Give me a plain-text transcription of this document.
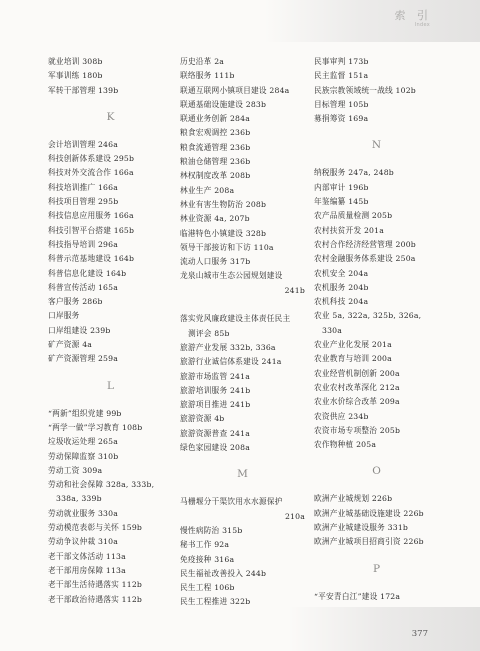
索 引
Index
就业培训 308b
军事训练 180b
军转干部管理 139b
K
会计培训管理 246a
科技创新体系建设 295b
科技对外交流合作 166a
科技培训推广 166a
科技项目管理 295b
科技信息应用服务 166a
科技引智平台搭建 165b
科技指导培训 296a
科普示范基地建设 164b
科普信息化建设 164b
科普宣传活动 165a
客户服务 286b
口岸服务
口岸组建设 239b
矿产资源 4a
矿产资源管理 259a
L
“两新”组织党建 99b
“两学一做”学习教育 108b
垃圾收运处理 265a
劳动保障监察 310b
劳动工资 309a
劳动和社会保障 328a, 333b,
338a, 339b
劳动就业服务 330a
劳动模范表彰与关怀 159b
劳动争议仲裁 310a
老干部文体活动 113a
老干部用房保障 113a
老干部生活待遇落实 112b
老干部政治待遇落实 112b
历史沿革 2a
联络服务 111b
联通互联网小镇项目建设 284a
联通基础设施建设 283b
联通业务创新 284a
粮食宏观调控 236b
粮食流通管理 236b
粮油仓储管理 236b
林权制度改革 208b
林业生产 208a
林业有害生物防治 208b
林业资源 4a, 207b
临港特色小镇建设 328b
领导干部接访和下访 110a
流动人口服务 317b
龙泉山城市生态公园规划建设
241b

落实党风廉政建设主体责任民主
测评会 85b
旅游产业发展 332b, 336a
旅游行业诚信体系建设 241a
旅游市场监管 241a
旅游培训服务 241b
旅游项目推进 241b
旅游资源 4b
旅游资源普查 241a
绿色家园建设 208a
M
马栅堰分干渠饮用水水源保护
210a
慢性病防治 315b
秘书工作 92a
免疫接种 316a
民生福祉改善投入 244b
民生工程 106b
民生工程推进 322b
民事审判 173b
民主监督 151a
民族宗教领域统一战线 102b
目标管理 105b
募捐筹资 169a
N
纳税服务 247a, 248b
内部审计 196b
年鉴编纂 145b
农产品质量检测 205b
农村扶贫开发 201a
农村合作经济经营管理 200b
农村金融服务体系建设 250a
农机安全 204a
农机服务 204b
农机科技 204a
农业 5a, 322a, 325b, 326a,
330a
农业产业化发展 201a
农业教育与培训 200a
农业经营机制创新 200a
农业农村改革深化 212a
农业水价综合改革 209a
农资供应 234b
农资市场专项整治 205b
农作物种植 205a
O
欧洲产业城规划 226b
欧洲产业城基础设施建设 226b
欧洲产业城建设服务 331b
欧洲产业城项目招商引资 226b
P
“平安青白江”建设 172a
377
